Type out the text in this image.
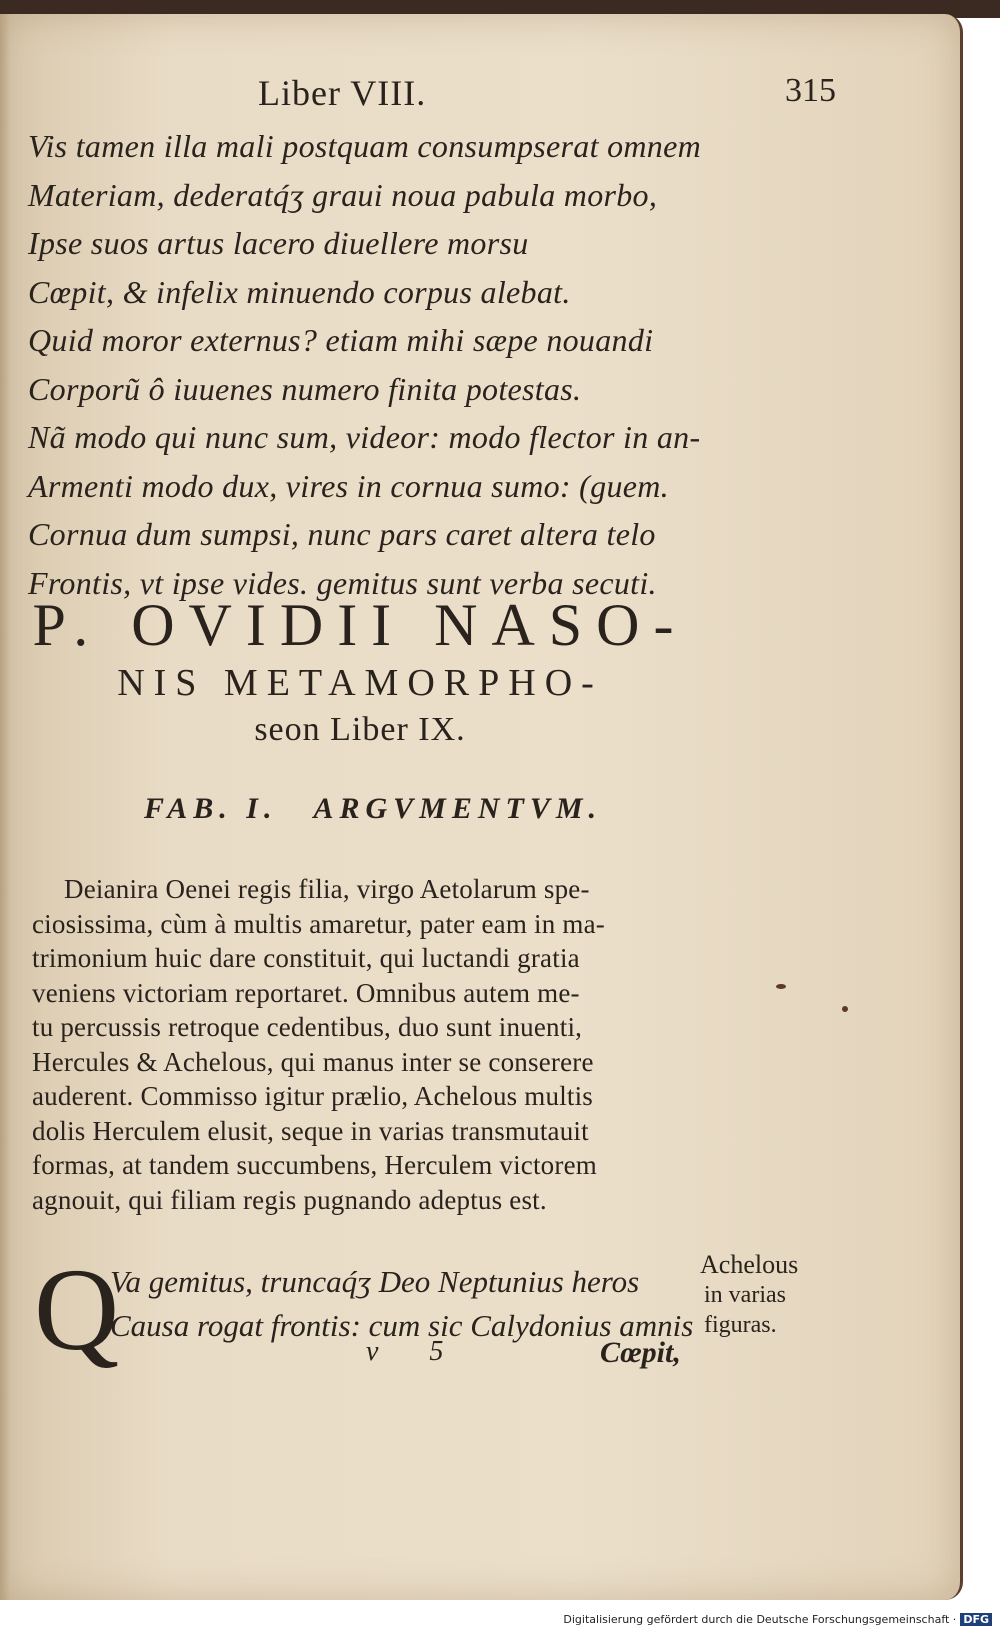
Liber VIII.	315
Vis tamen illa mali postquam consumpserat omnem
Materiam, dederatq́ʒ graui noua pabula morbo,
Ipse suos artus lacero diuellere morsu
Cœpit, & infelix minuendo corpus alebat.
Quid moror externus? etiam mihi sæpe nouandi
Corporũ ô iuuenes numero finita potestas.
Nã modo qui nunc sum, videor: modo flector in an-
Armenti modo dux, vires in cornua sumo: (guem.
Cornua dum sumpsi, nunc pars caret altera telo
Frontis, vt ipse vides. gemitus sunt verba secuti.
P. OVIDII NASO-
NIS METAMORPHO-
seon Liber IX.
FAB. I. ARGVMENTVM.
Deianira Oenei regis filia, virgo Aetolarum spe-
ciosissima, cùm à multis amaretur, pater eam in ma-
trimonium huic dare constituit, qui luctandi gratia
veniens victoriam reportaret. Omnibus autem me-
tu percussis retroque cedentibus, duo sunt inuenti,
Hercules & Achelous, qui manus inter se conserere
auderent. Commisso igitur prælio, Achelous multis
dolis Herculem elusit, seque in varias transmutauit
formas, at tandem succumbens, Herculem victorem
agnouit, qui filiam regis pugnando adeptus est.
Q
Va gemitus, truncaq́ʒ Deo Neptunius heros
Causa rogat frontis: cum sic Calydonius amnis
Achelous
in varias
figuras.
v 5	Cœpit,
Digitalisierung gefördert durch die Deutsche Forschungsgemeinschaft · DFG
